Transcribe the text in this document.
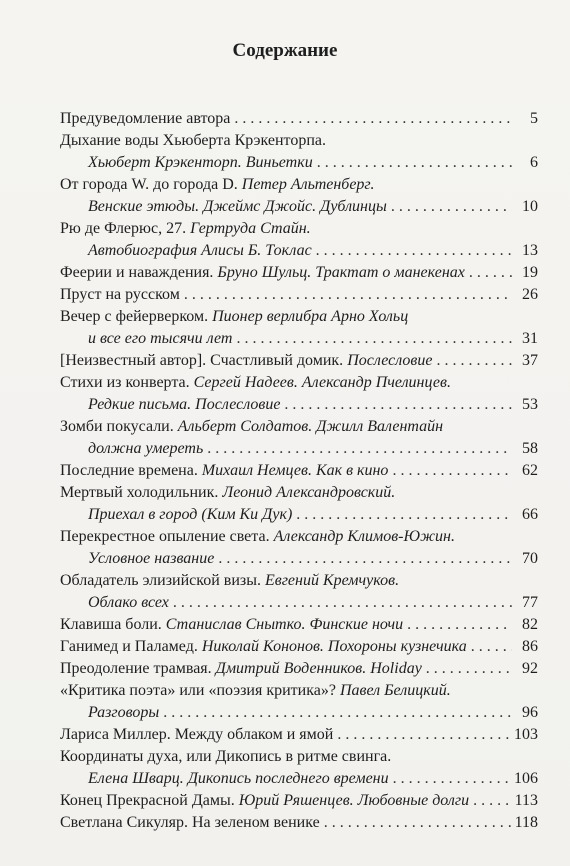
Содержание
Предуведомление автора . . .	5
Дыхание воды Хьюберта Крэкенторпа.
Хьюберт Крэкенторп. Виньетки . . .	6
От города W. до города D. Петер Альтенберг.
Венские этюды. Джеймс Джойс. Дублинцы . . .	10
Рю де Флерюс, 27. Гертруда Стайн.
Автобиография Алисы Б. Токлас . . .	13
Феерии и наваждения. Бруно Шульц. Трактат о манекенах . . .	19
Пруст на русском . . .	26
Вечер с фейерверком. Пионер верлибра Арно Хольц
и все его тысячи лет . . .	31
[Неизвестный автор]. Счастливый домик. Послесловие . . .	37
Стихи из конверта. Сергей Надеев. Александр Пчелинцев.
Редкие письма. Послесловие . . .	53
Зомби покусали. Альберт Солдатов. Джилл Валентайн
должна умереть . . .	58
Последние времена. Михаил Немцев. Как в кино . . .	62
Мертвый холодильник. Леонид Александровский.
Приехал в город (Ким Ки Дук) . . .	66
Перекрестное опыление света. Александр Климов-Южин.
Условное название . . .	70
Обладатель элизийской визы. Евгений Кремчуков.
Облако всех . . .	77
Клавиша боли. Станислав Снытко. Финские ночи . . .	82
Ганимед и Паламед. Николай Кононов. Похороны кузнечика . . .	86
Преодоление трамвая. Дмитрий Воденников. Holiday . . .	92
«Критика поэта» или «поэзия критика»? Павел Белицкий.
Разговоры . . .	96
Лариса Миллер. Между облаком и ямой . . .	103
Координаты духа, или Дикопись в ритме свинга.
Елена Шварц. Дикопись последнего времени . . .	106
Конец Прекрасной Дамы. Юрий Ряшенцев. Любовные долги . . .	113
Светлана Сикуляр. На зеленом венике . . .	118
